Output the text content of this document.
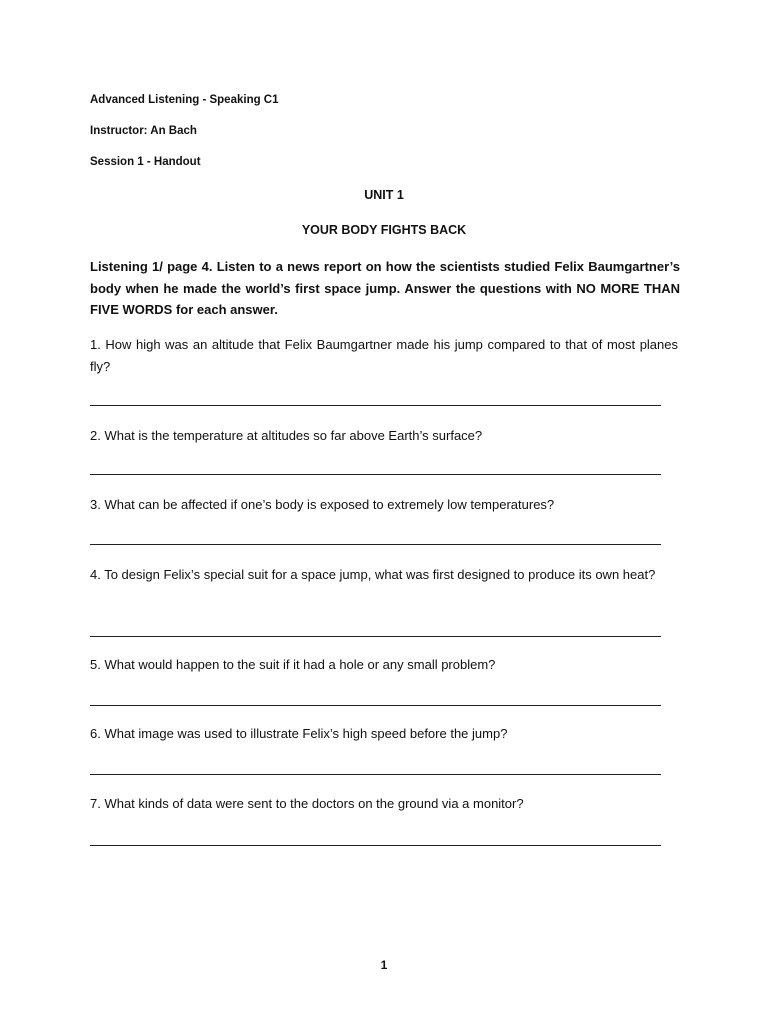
Advanced Listening - Speaking C1
Instructor: An Bach
Session 1 - Handout
UNIT 1
YOUR BODY FIGHTS BACK
Listening 1/ page 4. Listen to a news report on how the scientists studied Felix Baumgartner’s body when he made the world’s first space jump. Answer the questions with NO MORE THAN FIVE WORDS for each answer.
1. How high was an altitude that Felix Baumgartner made his jump compared to that of most planes fly?
2. What is the temperature at altitudes so far above Earth’s surface?
3. What can be affected if one’s body is exposed to extremely low temperatures?
4. To design Felix’s special suit for a space jump, what was first designed to produce its own heat?
5. What would happen to the suit if it had a hole or any small problem?
6. What image was used to illustrate Felix’s high speed before the jump?
7. What kinds of data were sent to the doctors on the ground via a monitor?
1
